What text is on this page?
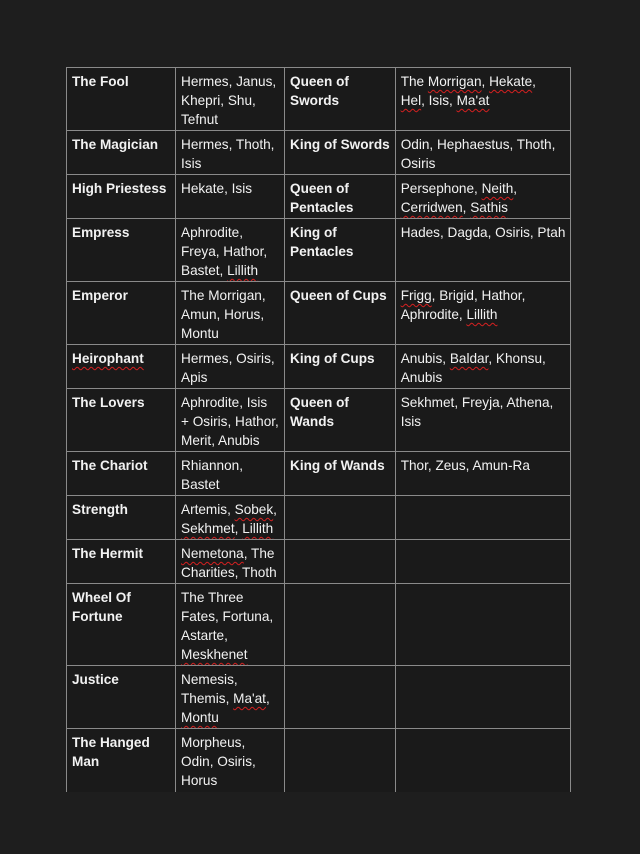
The Fool	Hermes, Janus,
Khepri, Shu,
Tefnut	Queen of
Swords	The Morrigan, Hekate,
Hel, Isis, Ma'at

The Magician	Hermes, Thoth,
Isis	King of Swords	Odin, Hephaestus, Thoth,
Osiris

High Priestess	Hekate, Isis	Queen of
Pentacles	Persephone, Neith,
Cerridwen, Sathis

Empress	Aphrodite,
Freya, Hathor,
Bastet, Lillith	King of
Pentacles	Hades, Dagda, Osiris, Ptah

Emperor	The Morrigan,
Amun, Horus,
Montu	Queen of Cups	Frigg, Brigid, Hathor,
Aphrodite, Lillith

Heirophant	Hermes, Osiris,
Apis	King of Cups	Anubis, Baldar, Khonsu,
Anubis

The Lovers	Aphrodite, Isis
+ Osiris, Hathor,
Merit, Anubis	Queen of
Wands	Sekhmet, Freyja, Athena,
Isis

The Chariot	Rhiannon,
Bastet	King of Wands	Thor, Zeus, Amun-Ra

Strength	Artemis, Sobek,
Sekhmet, Lillith		

The Hermit	Nemetona, The
Charities, Thoth		

Wheel Of
Fortune	The Three
Fates, Fortuna,
Astarte,
Meskhenet		

Justice	Nemesis,
Themis, Ma'at,
Montu		

The Hanged
Man	Morpheus,
Odin, Osiris,
Horus		
